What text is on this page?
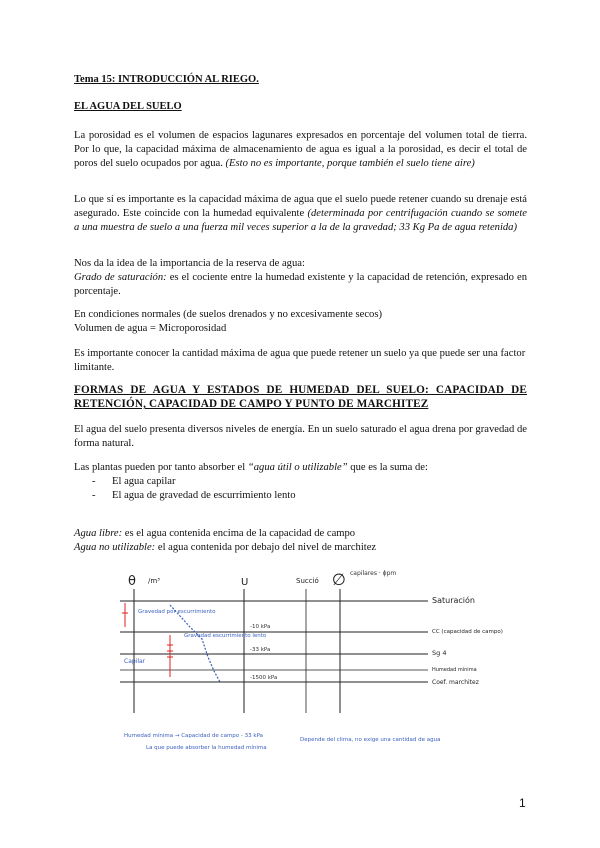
Tema 15: INTRODUCCIÓN AL RIEGO.
EL AGUA DEL SUELO
La porosidad es el volumen de espacios lagunares expresados en porcentaje del volumen total de tierra. Por lo que, la capacidad máxima de almacenamiento de agua es igual a la porosidad, es decir el total de poros del suelo ocupados por agua. (Esto no es importante, porque también el suelo tiene aire)
Lo que sí es importante es la capacidad máxima de agua que el suelo puede retener cuando su drenaje está asegurado. Este coincide con la humedad equivalente (determinada por centrifugación cuando se somete a una muestra de suelo a una fuerza mil veces superior a la de la gravedad; 33 Kg Pa de agua retenida)
Nos da la idea de la importancia de la reserva de agua:
Grado de saturación: es el cociente entre la humedad existente y la capacidad de retención, expresado en porcentaje.
En condiciones normales (de suelos drenados y no excesivamente secos)
Volumen de agua = Microporosidad
Es importante conocer la cantidad máxima de agua que puede retener un suelo ya que puede ser una factor limitante.
FORMAS DE AGUA Y ESTADOS DE HUMEDAD DEL SUELO: CAPACIDAD DE RETENCIÓN, CAPACIDAD DE CAMPO Y PUNTO DE MARCHITEZ
El agua del suelo presenta diversos niveles de energía. En un suelo saturado el agua drena por gravedad de forma natural.
Las plantas pueden por tanto absorber el “agua útil o utilizable” que es la suma de:
- El agua capilar
- El agua de gravedad de escurrimiento lento
Agua libre: es el agua contenida encima de la capacidad de campo
Agua no utilizable: el agua contenida por debajo del nivel de marchitez
θ /m³	U	Succió ∅ capilares · ϕpm
Gravedad por escurrimiento
Gravedad escurrimiento lento
Capilar
-10 kPa
-33 kPa
-1500 kPa
Saturación
CC (capacidad de campo)
Sg 4
Humedad mínima
Coef. marchitez
Humedad mínima → Capacidad de campo - 33 kPa
La que puede absorber la humedad mínima
Depende del clima, no exige una cantidad de agua
1
